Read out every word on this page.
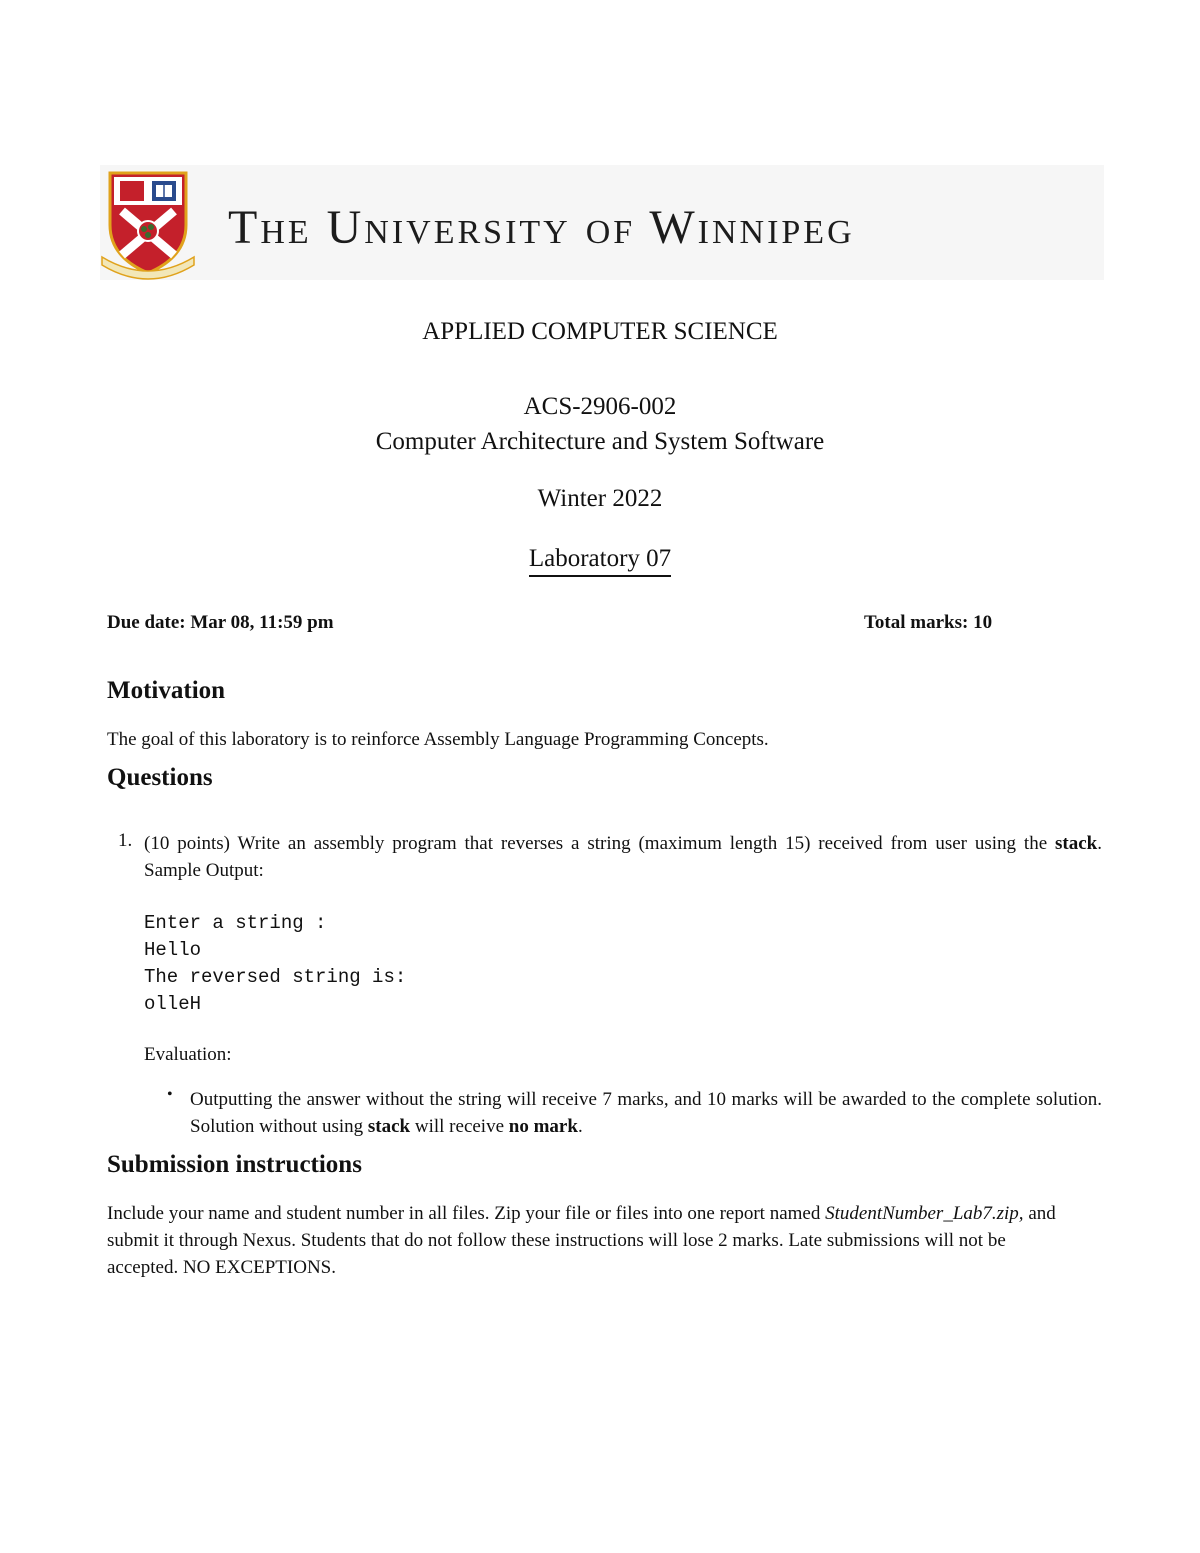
The University of Winnipeg
APPLIED COMPUTER SCIENCE
ACS-2906-002
Computer Architecture and System Software
Winter 2022
Laboratory 07
Due date: Mar 08, 11:59 pm	Total marks: 10
Motivation
The goal of this laboratory is to reinforce Assembly Language Programming Concepts.
Questions
1. (10 points) Write an assembly program that reverses a string (maximum length 15) received from user using the stack. Sample Output:
Enter a string :
Hello
The reversed string is:
olleH
Evaluation:
• Outputting the answer without the string will receive 7 marks, and 10 marks will be awarded to the complete solution. Solution without using stack will receive no mark.
Submission instructions
Include your name and student number in all files. Zip your file or files into one report named StudentNumber_Lab7.zip, and submit it through Nexus. Students that do not follow these instructions will lose 2 marks. Late submissions will not be accepted. NO EXCEPTIONS.
